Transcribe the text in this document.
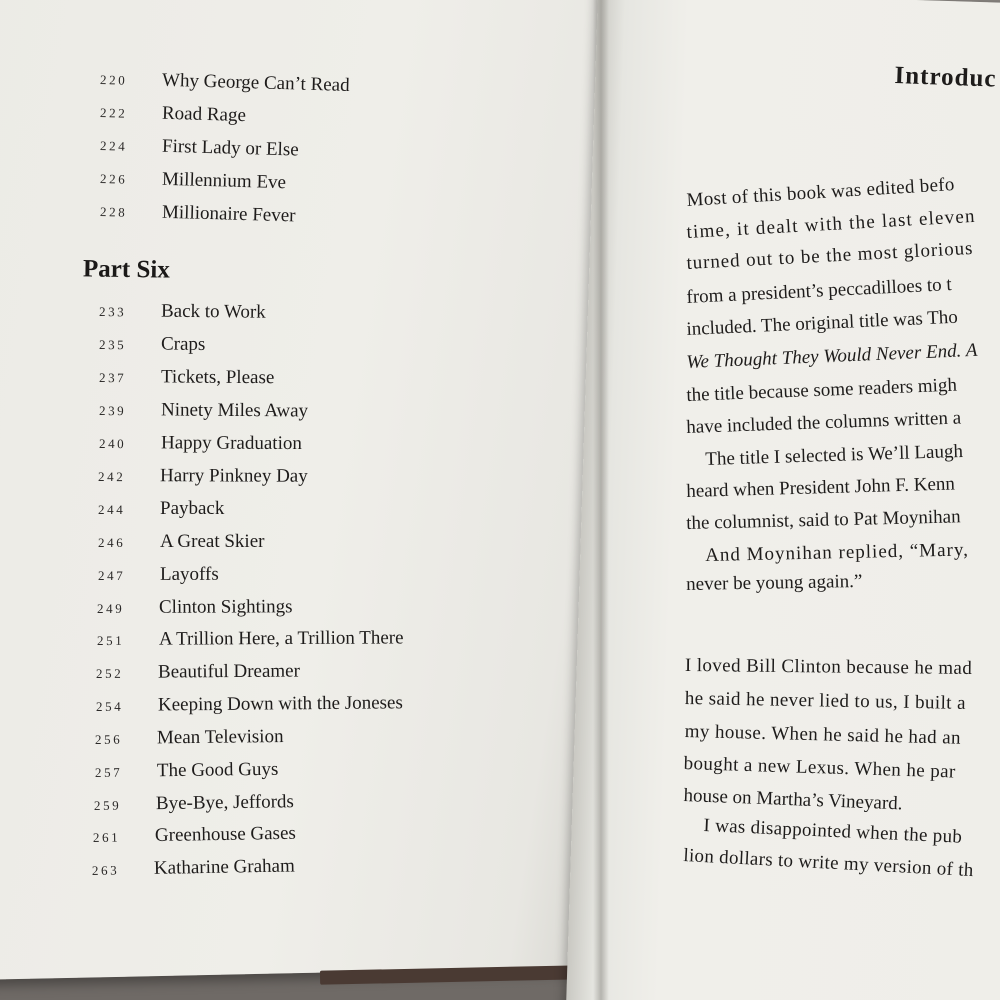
220 Why George Can’t Read
222 Road Rage
224 First Lady or Else
226 Millennium Eve
228 Millionaire Fever
Part Six
233 Back to Work
235 Craps
237 Tickets, Please
239 Ninety Miles Away
240 Happy Graduation
242 Harry Pinkney Day
244 Payback
246 A Great Skier
247 Layoffs
249 Clinton Sightings
251 A Trillion Here, a Trillion There
252 Beautiful Dreamer
254 Keeping Down with the Joneses
256 Mean Television
257 The Good Guys
259 Bye-Bye, Jeffords
261 Greenhouse Gases
263 Katharine Graham
Introduc
Most of this book was edited befo
time, it dealt with the last eleven
turned out to be the most glorious
from a president’s peccadilloes to t
included. The original title was Tho
We Thought They Would Never End. A
the title because some readers migh
have included the columns written a
The title I selected is We’ll Laugh
heard when President John F. Kenn
the columnist, said to Pat Moynihan
And Moynihan replied, “Mary,
never be young again.”
I loved Bill Clinton because he mad
he said he never lied to us, I built a
my house. When he said he had an
bought a new Lexus. When he par
house on Martha’s Vineyard.
I was disappointed when the pub
lion dollars to write my version of th
